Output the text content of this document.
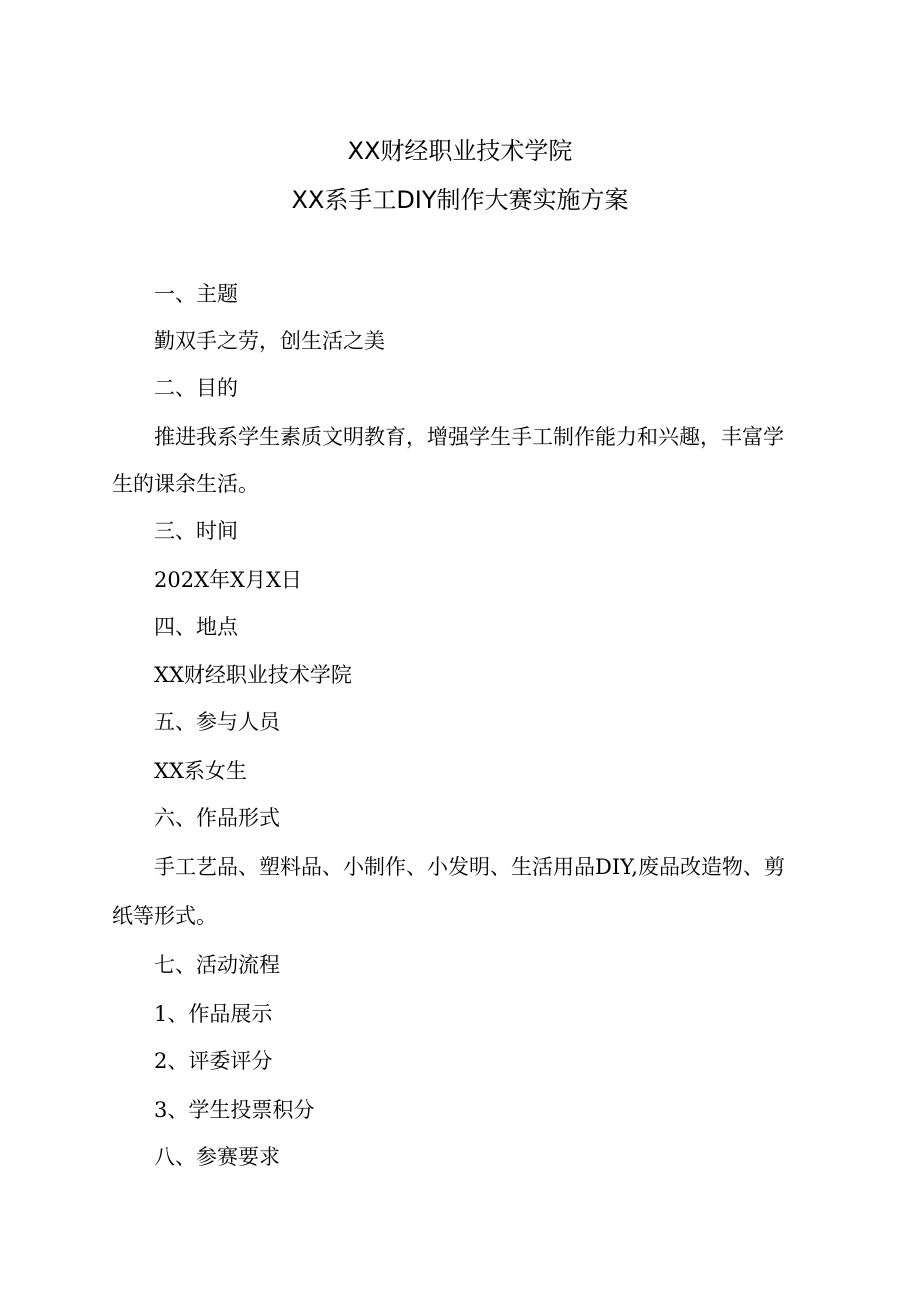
XX财经职业技术学院
XX系手工DIY制作大赛实施方案
一、主题
勤双手之劳，创生活之美
二、目的
推进我系学生素质文明教育，增强学生手工制作能力和兴趣，丰富学
生的课余生活。
三、时间
202X年X月X日
四、地点
XX财经职业技术学院
五、参与人员
XX系女生
六、作品形式
手工艺品、塑料品、小制作、小发明、生活用品DIY,废品改造物、剪
纸等形式。
七、活动流程
1、作品展示
2、评委评分
3、学生投票积分
八、参赛要求
